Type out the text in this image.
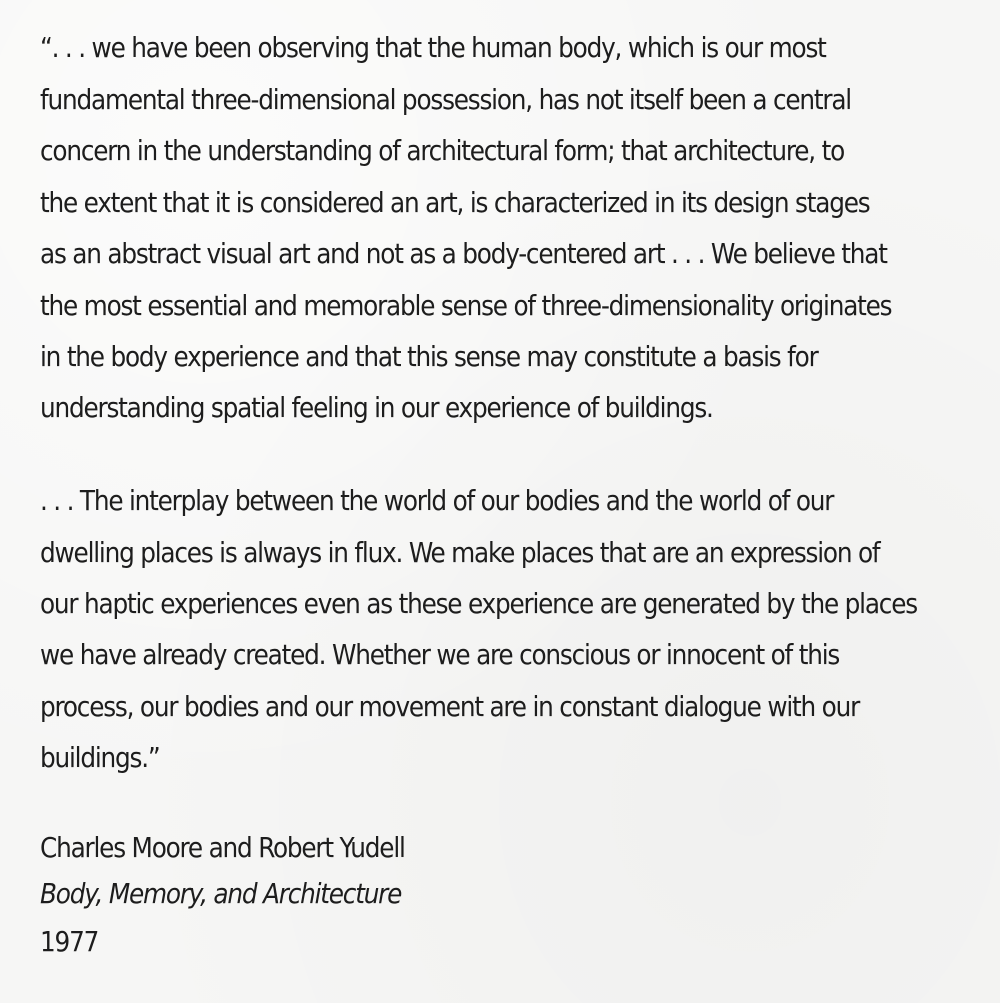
“. . . we have been observing that the human body, which is our most
fundamental three-dimensional possession, has not itself been a central
concern in the understanding of architectural form; that architecture, to
the extent that it is considered an art, is characterized in its design stages
as an abstract visual art and not as a body-centered art . . . We believe that
the most essential and memorable sense of three-dimensionality originates
in the body experience and that this sense may constitute a basis for
understanding spatial feeling in our experience of buildings.
. . . The interplay between the world of our bodies and the world of our
dwelling places is always in flux. We make places that are an expression of
our haptic experiences even as these experience are generated by the places
we have already created. Whether we are conscious or innocent of this
process, our bodies and our movement are in constant dialogue with our
buildings.”
Charles Moore and Robert Yudell
Body, Memory, and Architecture
1977
